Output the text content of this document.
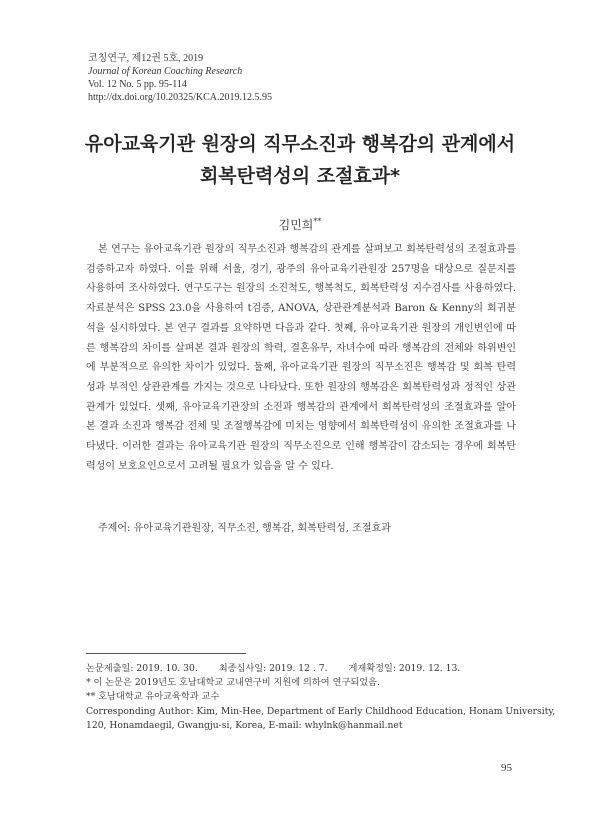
코칭연구, 제12권 5호, 2019
Journal of Korean Coaching Research
Vol. 12 No. 5 pp. 95-114
http://dx.doi.org/10.20325/KCA.2019.12.5.95
유아교육기관 원장의 직무소진과 행복감의 관계에서
회복탄력성의 조절효과*
김민희**

본 연구는 유아교육기관 원장의 직무소진과 행복감의 관계를 살펴보고 회복탄력성의 조절효과를 검증하고자 하였다. 이를 위해 서울, 경기, 광주의 유아교육기관원장 257명을 대상으로 질문지를 사용하여 조사하였다. 연구도구는 원장의 소진척도, 행복척도, 회복탄력성 지수검사를 사용하였다. 자료분석은 SPSS 23.0을 사용하여 t검증, ANOVA, 상관관계분석과 Baron & Kenny의 회귀분석을 실시하였다. 본 연구 결과를 요약하면 다음과 같다. 첫째, 유아교육기관 원장의 개인변인에 따른 행복감의 차이를 살펴본 결과 원장의 학력, 결혼유무, 자녀수에 따라 행복감의 전체와 하위변인에 부분적으로 유의한 차이가 있었다. 둘째, 유아교육기관 원장의 직무소진은 행복감 및 회복 탄력성과 부적인 상관관계를 가지는 것으로 나타났다. 또한 원장의 행복감은 회복탄력성과 정적인 상관관계가 있었다. 셋째, 유아교육기관장의 소진과 행복감의 관계에서 회복탄력성의 조절효과를 알아본 결과 소진과 행복감 전체 및 조절행복감에 미치는 영향에서 회복탄력성이 유의한 조절효과를 나타냈다. 이러한 결과는 유아교육기관 원장의 직무소진으로 인해 행복감이 감소되는 경우에 회복탄력성이 보호요인으로서 고려될 필요가 있음을 알 수 있다.

주제어: 유아교육기관원장, 직무소진, 행복감, 회복탄력성, 조절효과
논문제출일: 2019. 10. 30. 최종심사일: 2019. 12 . 7. 게재확정일: 2019. 12. 13.
* 이 논문은 2019년도 호남대학교 교내연구비 지원에 의하여 연구되었음.
** 호남대학교 유아교육학과 교수
Corresponding Author: Kim, Min-Hee, Department of Early Childhood Education, Honam University,
120, Honamdaegil, Gwangju-si, Korea, E-mail: whylnk@hanmail.net
95
